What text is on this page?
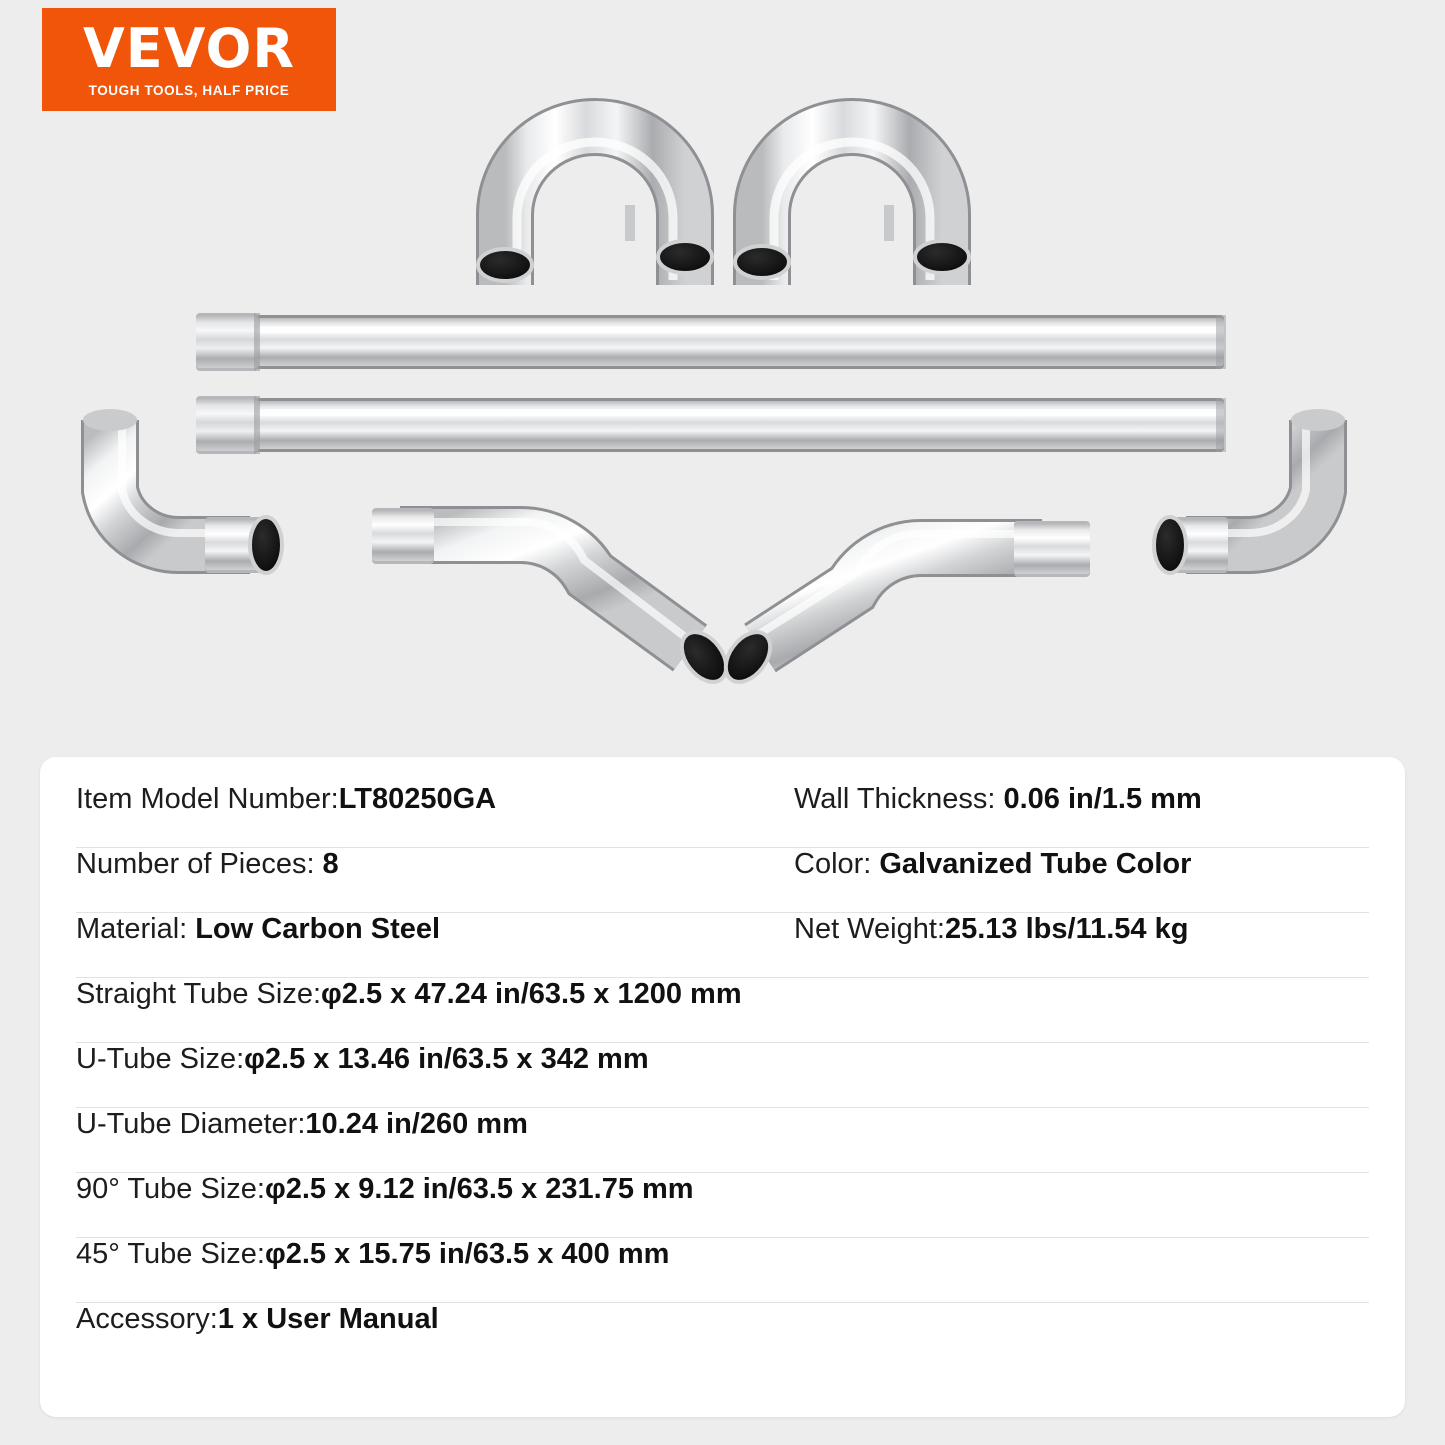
VEVOR
TOUGH TOOLS, HALF PRICE
Item Model Number: LT80250GA	Wall Thickness: 0.06 in/1.5 mm
Number of Pieces: 8	Color: Galvanized Tube Color
Material: Low Carbon Steel	Net Weight: 25.13 lbs/11.54 kg
Straight Tube Size: φ2.5 x 47.24 in/63.5 x 1200 mm
U-Tube Size: φ2.5 x 13.46 in/63.5 x 342 mm
U-Tube Diameter: 10.24 in/260 mm
90° Tube Size: φ2.5 x 9.12 in/63.5 x 231.75 mm
45° Tube Size: φ2.5 x 15.75 in/63.5 x 400 mm
Accessory: 1 x User Manual
